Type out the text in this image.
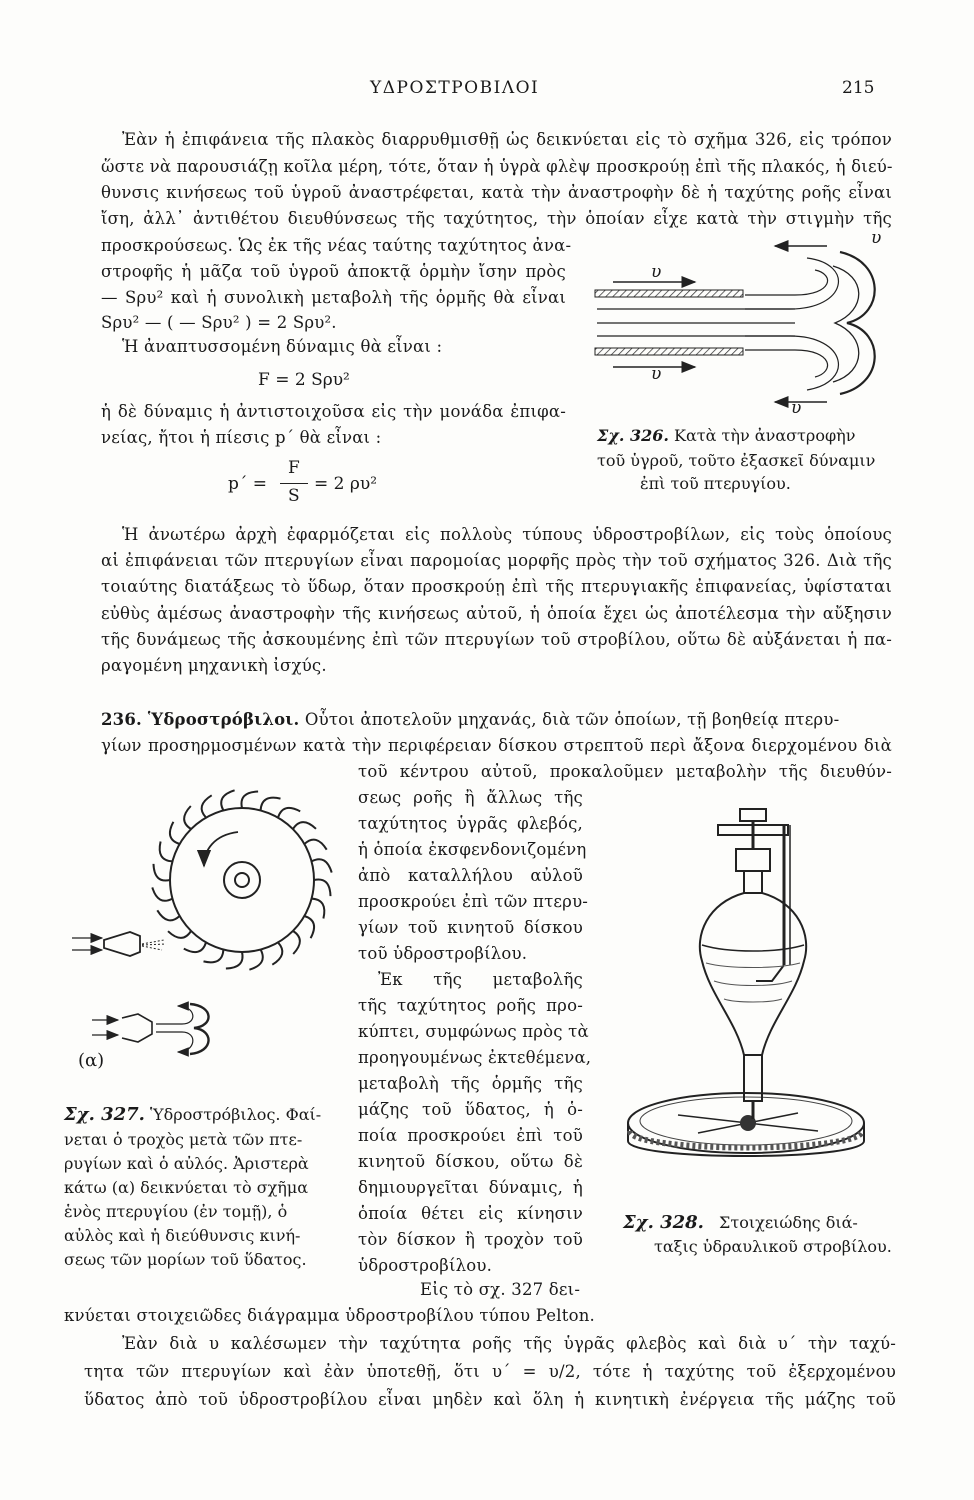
ΥΔΡΟΣΤΡΟΒΙΛΟΙ	215
Ἐὰν ἡ ἐπιφάνεια τῆς πλακὸς διαρρυθμισθῇ ὡς δεικνύεται εἰς τὸ σχῆμα 326, εἰς τρόπον
ὥστε νὰ παρουσιάζῃ κοῖλα μέρη, τότε, ὅταν ἡ ὑγρὰ φλὲψ προσκρούῃ ἐπὶ τῆς πλακός, ἡ διεύ-
θυνσις κινήσεως τοῦ ὑγροῦ ἀναστρέφεται, κατὰ τὴν ἀναστροφὴν δὲ ἡ ταχύτης ροῆς εἶναι
ἴση, ἀλλ᾽ ἀντιθέτου διευθύνσεως τῆς ταχύτητος, τὴν ὁποίαν εἶχε κατὰ τὴν στιγμὴν τῆς
προσκρούσεως. Ὡς ἐκ τῆς νέας ταύτης ταχύτητος ἀνα-
στροφῆς ἡ μᾶζα τοῦ ὑγροῦ ἀποκτᾷ ὁρμὴν ἴσην πρὸς
— Sρυ² καὶ ἡ συνολικὴ μεταβολὴ τῆς ὁρμῆς θὰ εἶναι
Sρυ² — ( — Sρυ² ) = 2 Sρυ².
Ἡ ἀναπτυσσομένη δύναμις θὰ εἶναι :
F = 2 Sρυ²
ἡ δὲ δύναμις ἡ ἀντιστοιχοῦσα εἰς τὴν μονάδα ἐπιφα-
νείας, ἤτοι ἡ πίεσις p΄ θὰ εἶναι :
p΄ =
F
S
= 2 ρυ²
υ
υ
υ
υ
Σχ. 326. Κατὰ τὴν ἀναστροφὴν
τοῦ ὑγροῦ, τοῦτο ἐξασκεῖ δύναμιν
ἐπὶ τοῦ πτερυγίου.
Ἡ ἀνωτέρω ἀρχὴ ἐφαρμόζεται εἰς πολλοὺς τύπους ὑδροστροβίλων, εἰς τοὺς ὁποίους
αἱ ἐπιφάνειαι τῶν πτερυγίων εἶναι παρομοίας μορφῆς πρὸς τὴν τοῦ σχήματος 326. Διὰ τῆς
τοιαύτης διατάξεως τὸ ὕδωρ, ὅταν προσκρούῃ ἐπὶ τῆς πτερυγιακῆς ἐπιφανείας, ὑφίσταται
εὐθὺς ἀμέσως ἀναστροφὴν τῆς κινήσεως αὐτοῦ, ἡ ὁποία ἔχει ὡς ἀποτέλεσμα τὴν αὔξησιν
τῆς δυνάμεως τῆς ἀσκουμένης ἐπὶ τῶν πτερυγίων τοῦ στροβίλου, οὕτω δὲ αὐξάνεται ἡ πα-
ραγομένη μηχανικὴ ἰσχύς.
236. Ὑδροστρόβιλοι. Οὗτοι ἀποτελοῦν μηχανάς, διὰ τῶν ὁποίων, τῇ βοηθείᾳ πτερυ-
γίων προσηρμοσμένων κατὰ τὴν περιφέρειαν δίσκου στρεπτοῦ περὶ ἄξονα διερχομένου διὰ
τοῦ κέντρου αὐτοῦ, προκαλοῦμεν μεταβολὴν τῆς διευθύν-
σεως ροῆς ἢ ἄλλως τῆς
ταχύτητος ὑγρᾶς φλεβός,
ἡ ὁποία ἐκσφενδονιζομένη
ἀπὸ καταλλήλου αὐλοῦ
προσκρούει ἐπὶ τῶν πτερυ-
γίων τοῦ κινητοῦ δίσκου
τοῦ ὑδροστροβίλου.
Ἐκ τῆς μεταβολῆς
τῆς ταχύτητος ροῆς προ-
κύπτει, συμφώνως πρὸς τὰ
προηγουμένως ἐκτεθέμενα,
μεταβολὴ τῆς ὁρμῆς τῆς
μάζης τοῦ ὕδατος, ἡ ὁ-
ποία προσκρούει ἐπὶ τοῦ
κινητοῦ δίσκου, οὕτω δὲ
δημιουργεῖται δύναμις, ἡ
ὁποία θέτει εἰς κίνησιν
τὸν δίσκον ἢ τροχὸν τοῦ
ὑδροστροβίλου.
Εἰς τὸ σχ. 327 δει-
(α)
Σχ. 327. Ὑδροστρόβιλος. Φαί-
νεται ὁ τροχὸς μετὰ τῶν πτε-
ρυγίων καὶ ὁ αὐλός. Ἀριστερὰ
κάτω (α) δεικνύεται τὸ σχῆμα
ἑνὸς πτερυγίου (ἐν τομῇ), ὁ
αὐλὸς καὶ ἡ διεύθυνσις κινή-
σεως τῶν μορίων τοῦ ὕδατος.
Σχ. 328. Στοιχειώδης διά-
ταξις ὑδραυλικοῦ στροβίλου.
κνύεται στοιχειῶδες διάγραμμα ὑδροστροβίλου τύπου Pelton.
Ἐὰν διὰ υ καλέσωμεν τὴν ταχύτητα ροῆς τῆς ὑγρᾶς φλεβὸς καὶ διὰ υ΄ τὴν ταχύ-
τητα τῶν πτερυγίων καὶ ἐὰν ὑποτεθῇ, ὅτι υ΄ = υ/2, τότε ἡ ταχύτης τοῦ ἐξερχομένου
ὕδατος ἀπὸ τοῦ ὑδροστροβίλου εἶναι μηδὲν καὶ ὅλη ἡ κινητικὴ ἐνέργεια τῆς μάζης τοῦ
